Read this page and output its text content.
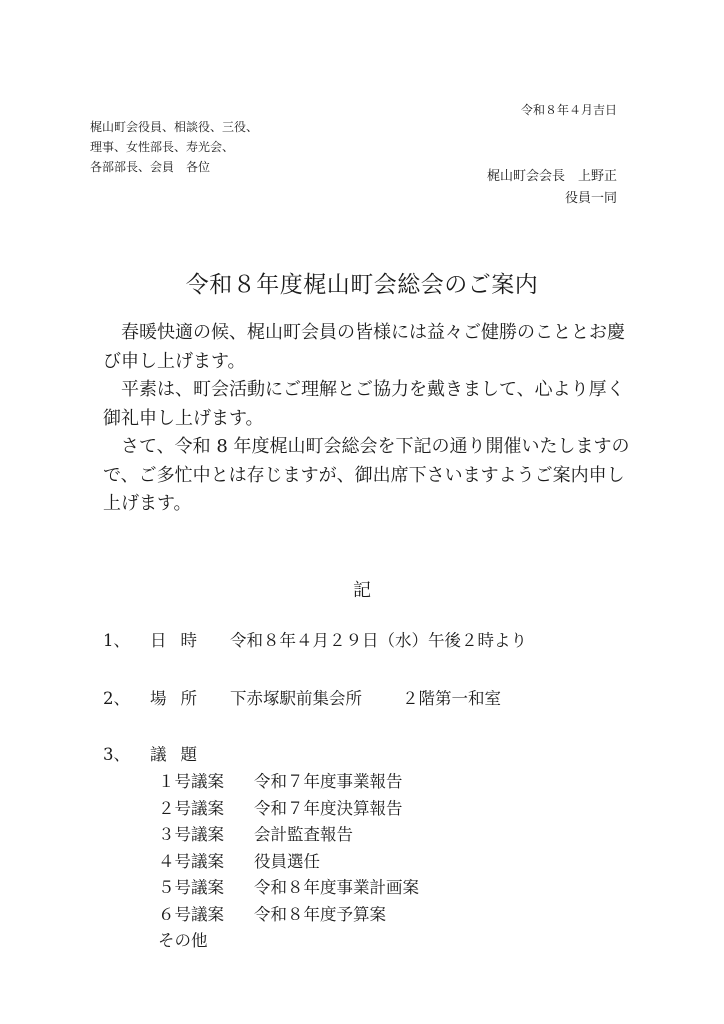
令和８年４月吉日
梶山町会役員、相談役、三役、
理事、女性部長、寿光会、
各部部長、会員　各位
梶山町会会長　上野正
役員一同
令和８年度梶山町会総会のご案内

　春暖快適の候、梶山町会員の皆様には益々ご健勝のこととお慶び申し上げます。

　平素は、町会活動にご理解とご協力を戴きまして、心より厚く御礼申し上げます。

　さて、令和 8 年度梶山町会総会を下記の通り開催いたしますので、ご多忙中とは存じますが、御出席下さいますようご案内申し上げます。

記
1、 日時 令和８年４月２９日（水）午後２時より
2、 場所 下赤塚駅前集会所 ２階第一和室
3、 議題
１号議案 令和７年度事業報告
２号議案 令和７年度決算報告
３号議案 会計監査報告
４号議案 役員選任
５号議案 令和８年度事業計画案
６号議案 令和８年度予算案
その他
